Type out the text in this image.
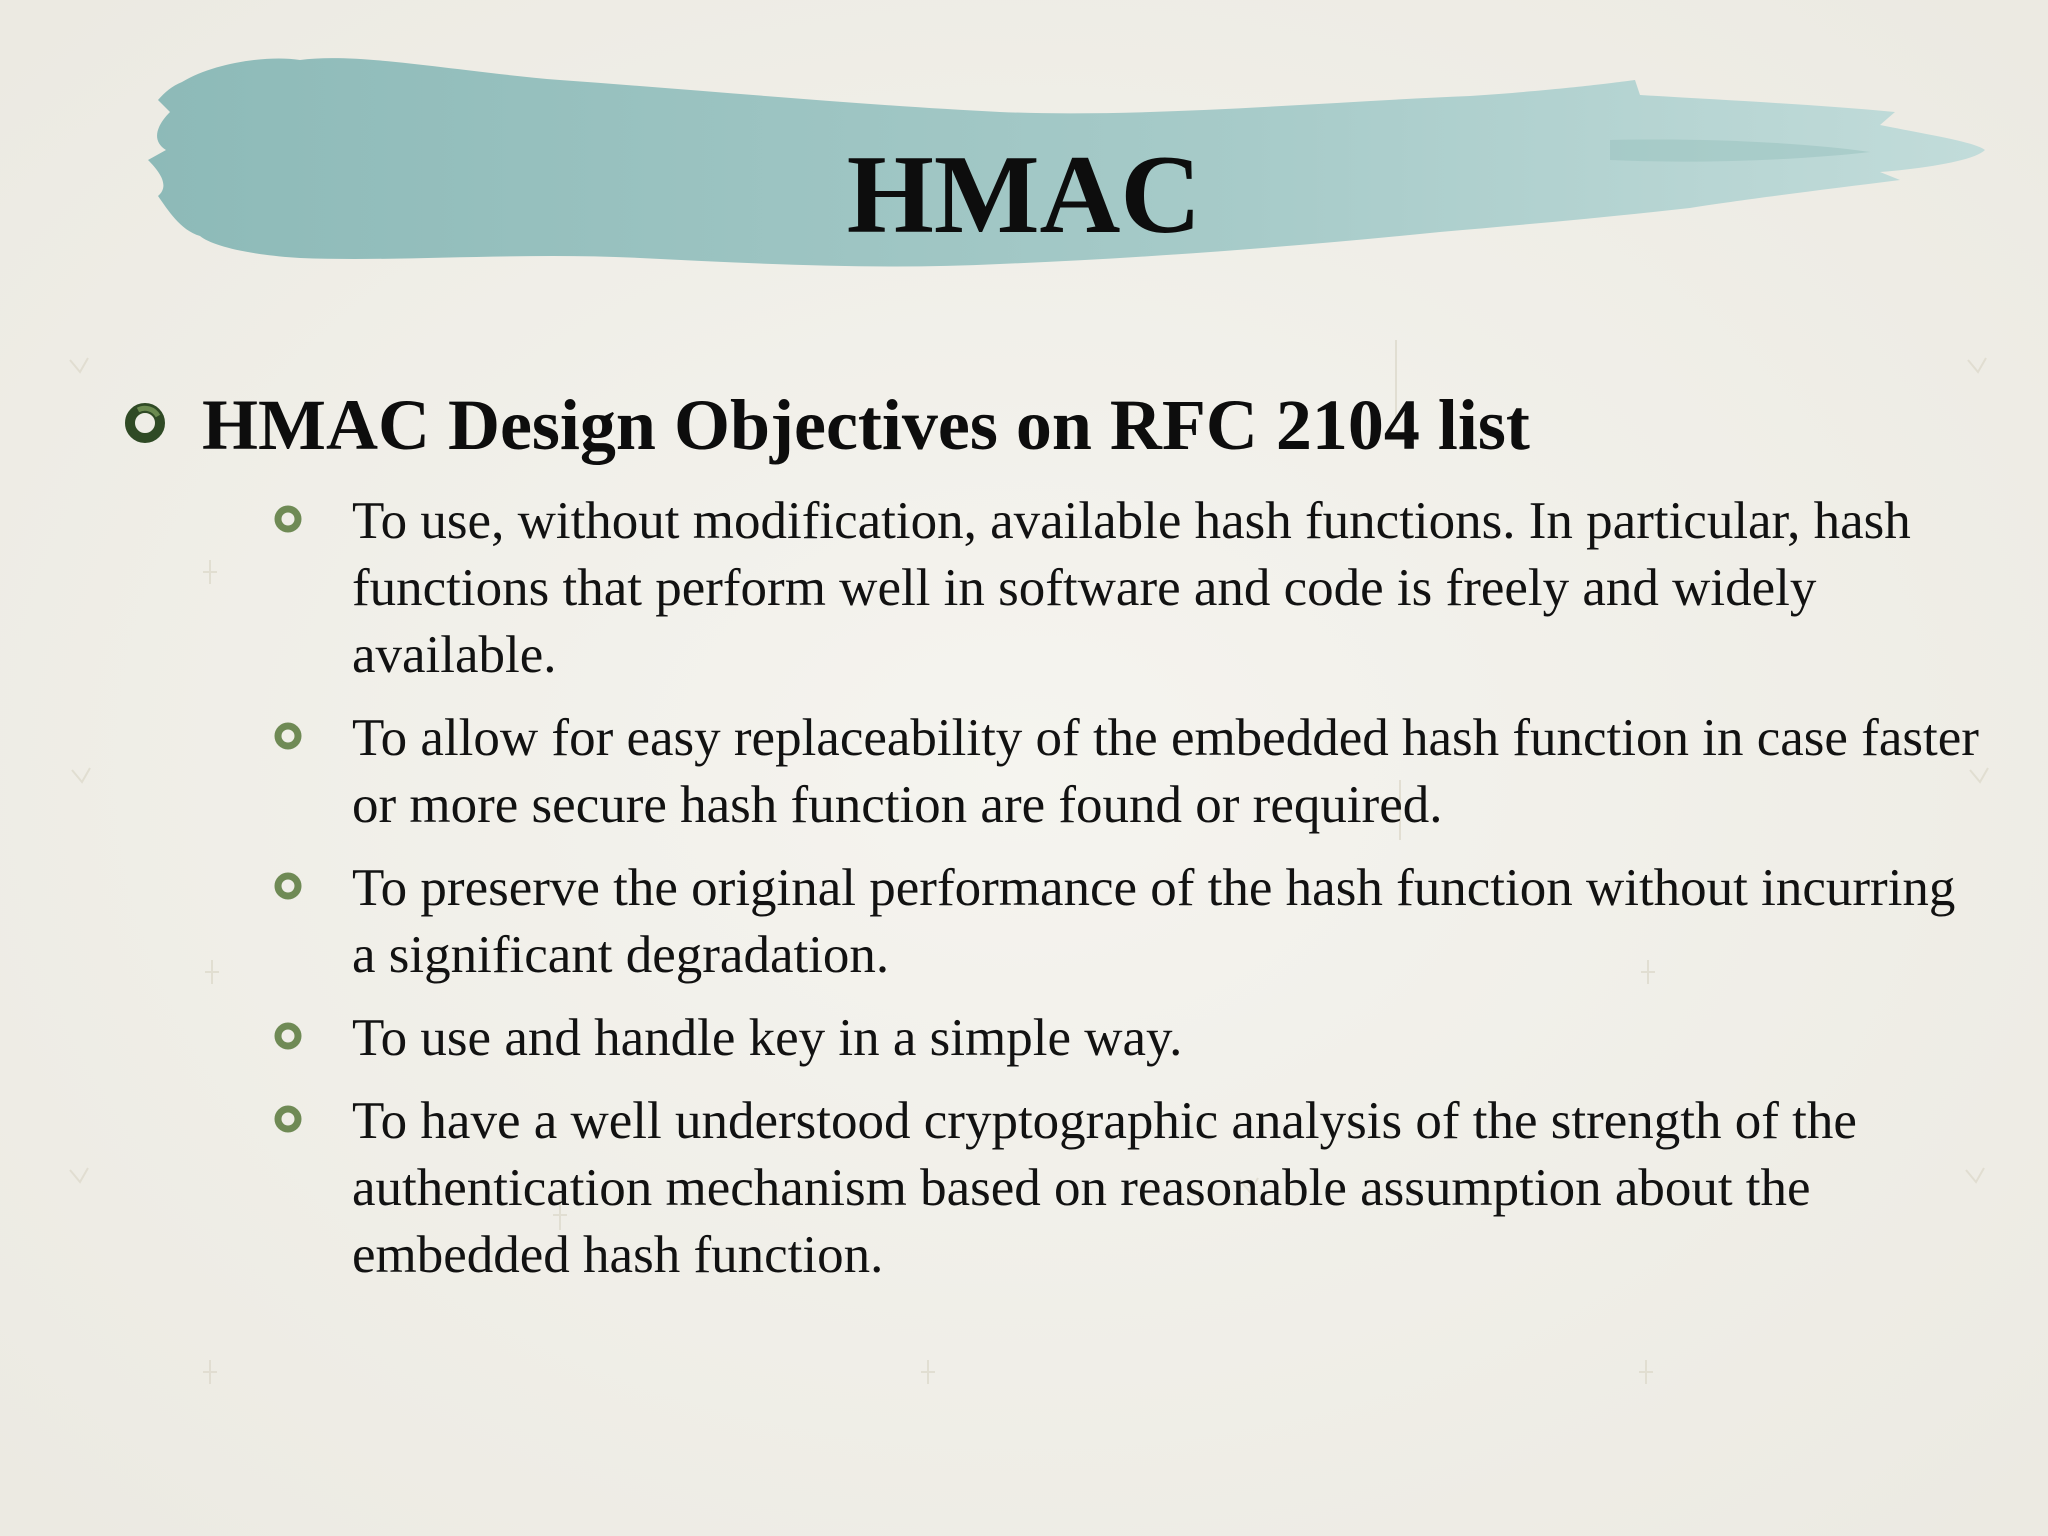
HMAC
HMAC Design Objectives on RFC 2104 list
To use, without modification, available hash functions. In particular, hash functions that perform well in software and code is freely and widely available.
To allow for easy replaceability of the embedded hash function in case faster or more secure hash function are found or required.
To preserve the original performance of the hash function without incurring a significant degradation.
To use and handle key in a simple way.
To have a well understood cryptographic analysis of the strength of the authentication mechanism based on reasonable assumption about the embedded hash function.
